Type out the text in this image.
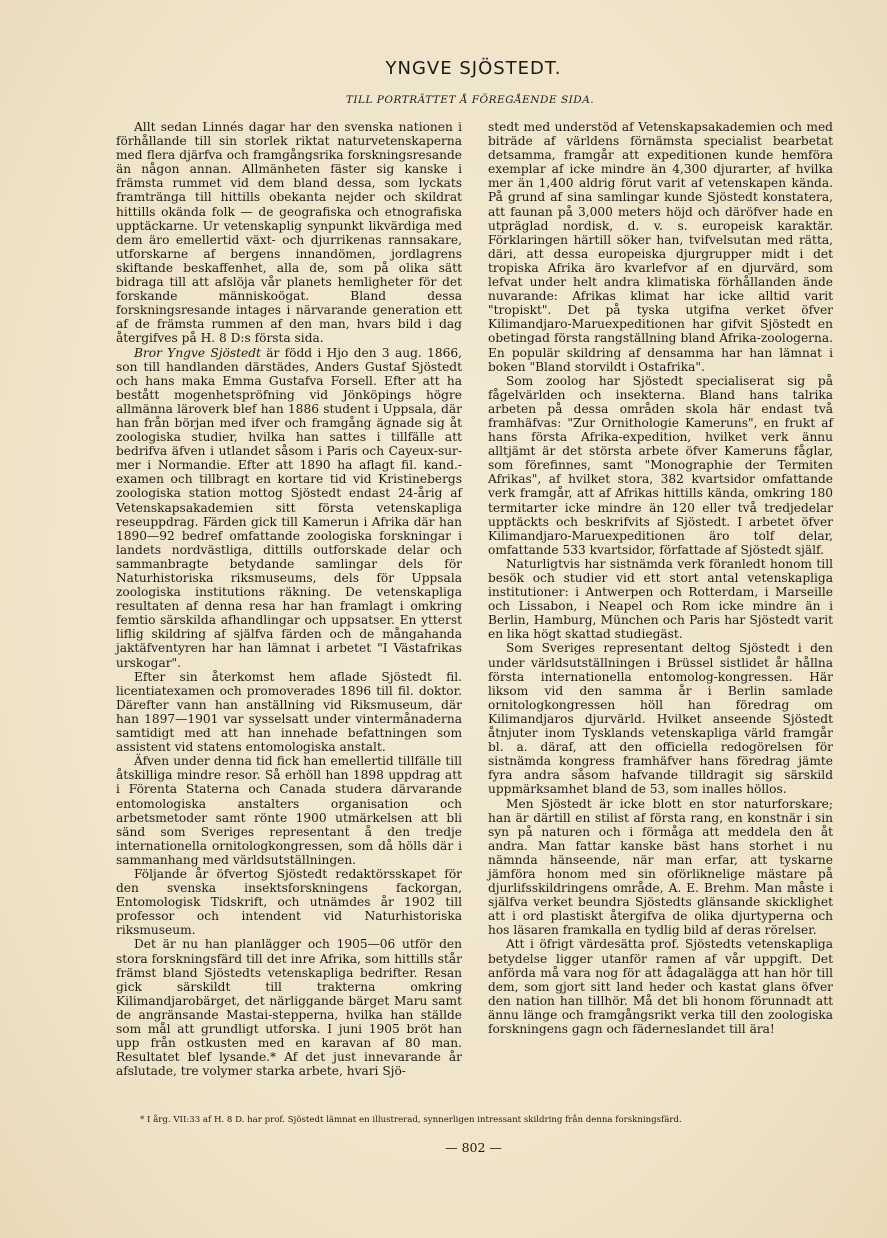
YNGVE SJÖSTEDT.
TILL PORTRÄTTET Å FÖREGÅENDE SIDA.

Allt sedan Linnés dagar har den svenska nationen i förhållande till sin storlek riktat naturvetenskaperna med flera djärfva och framgångsrika forskningsresande än någon annan. Allmänheten fäster sig kanske i främsta rummet vid dem bland dessa, som lyckats framtränga till hittills obekanta nejder och skildrat hittills okända folk — de geografiska och etnografiska upptäckarne. Ur vetenskaplig synpunkt likvärdiga med dem äro emellertid växt- och djurrikenas rannsakare, utforskarne af bergens innandömen, jordlagrens skiftande beskaffenhet, alla de, som på olika sätt bidraga till att afslöja vår planets hemligheter för det forskande människoögat. Bland dessa forskningsresande intages i närvarande generation ett af de främsta rummen af den man, hvars bild i dag återgifves på H. 8 D:s första sida.

Bror Yngve Sjöstedt är född i Hjo den 3 aug. 1866, son till handlanden därstädes, Anders Gustaf Sjöstedt och hans maka Emma Gustafva Forsell. Efter att ha bestått mogenhetspröfning vid Jönköpings högre allmänna läroverk blef han 1886 student i Uppsala, där han från början med ifver och framgång ägnade sig åt zoologiska studier, hvilka han sattes i tillfälle att bedrifva äfven i utlandet såsom i Paris och Cayeux-sur-mer i Normandie. Efter att 1890 ha aflagt fil. kand.-examen och tillbragt en kortare tid vid Kristinebergs zoologiska station mottog Sjöstedt endast 24-årig af Vetenskapsakademien sitt första vetenskapliga reseuppdrag. Färden gick till Kamerun i Afrika där han 1890—92 bedref omfattande zoologiska forskningar i landets nordvästliga, dittills outforskade delar och sammanbragte betydande samlingar dels för Naturhistoriska riksmuseums, dels för Uppsala zoologiska institutions räkning. De vetenskapliga resultaten af denna resa har han framlagt i omkring femtio särskilda afhandlingar och uppsatser. En ytterst liflig skildring af själfva färden och de mångahanda jaktäfventyren har han lämnat i arbetet "I Västafrikas urskogar".

Efter sin återkomst hem aflade Sjöstedt fil. licentiatexamen och promoverades 1896 till fil. doktor. Därefter vann han anställning vid Riksmuseum, där han 1897—1901 var sysselsatt under vintermånaderna samtidigt med att han innehade befattningen som assistent vid statens entomologiska anstalt.

Äfven under denna tid fick han emellertid tillfälle till åtskilliga mindre resor. Så erhöll han 1898 uppdrag att i Förenta Staterna och Canada studera därvarande entomologiska anstalters organisation och arbetsmetoder samt rönte 1900 utmärkelsen att bli sänd som Sveriges representant å den tredje internationella ornitologkongressen, som då hölls där i sammanhang med världsutställningen.

Följande år öfvertog Sjöstedt redaktörsskapet för den svenska insektsforskningens fackorgan, Entomologisk Tidskrift, och utnämdes år 1902 till professor och intendent vid Naturhistoriska riksmuseum.

Det är nu han planlägger och 1905—06 utför den stora forskningsfärd till det inre Afrika, som hittills står främst bland Sjöstedts vetenskapliga bedrifter. Resan gick särskildt till trakterna omkring Kilimandjarobärget, det närliggande bärget Maru samt de angränsande Mastai-stepperna, hvilka han ställde som mål att grundligt utforska. I juni 1905 bröt han upp från ostkusten med en karavan af 80 man. Resultatet blef lysande.* Af det just innevarande år afslutade, tre volymer starka arbete, hvari Sjö-

stedt med understöd af Vetenskapsakademien och med biträde af världens förnämsta specialist bearbetat detsamma, framgår att expeditionen kunde hemföra exemplar af icke mindre än 4,300 djurarter, af hvilka mer än 1,400 aldrig förut varit af vetenskapen kända. På grund af sina samlingar kunde Sjöstedt konstatera, att faunan på 3,000 meters höjd och däröfver hade en utpräglad nordisk, d. v. s. europeisk karaktär. Förklaringen härtill söker han, tvifvelsutan med rätta, däri, att dessa europeiska djurgrupper midt i det tropiska Afrika äro kvarlefvor af en djurvärd, som lefvat under helt andra klimatiska förhållanden ände nuvarande: Afrikas klimat har icke alltid varit "tropiskt". Det på tyska utgifna verket öfver Kilimandjaro-Maruexpeditionen har gifvit Sjöstedt en obetingad första rangställning bland Afrika-zoologerna. En populär skildring af densamma har han lämnat i boken "Bland storvildt i Ostafrika".

Som zoolog har Sjöstedt specialiserat sig på fågelvärlden och insekterna. Bland hans talrika arbeten på dessa områden skola här endast två framhäfvas: "Zur Ornithologie Kameruns", en frukt af hans första Afrika-expedition, hvilket verk ännu alltjämt är det största arbete öfver Kameruns fåglar, som förefinnes, samt "Monographie der Termiten Afrikas", af hvilket stora, 382 kvartsidor omfattande verk framgår, att af Afrikas hittills kända, omkring 180 termitarter icke mindre än 120 eller två tredjedelar upptäckts och beskrifvits af Sjöstedt. I arbetet öfver Kilimandjaro-Maruexpeditionen äro tolf delar, omfattande 533 kvartsidor, författade af Sjöstedt själf.

Naturligtvis har sistnämda verk föranledt honom till besök och studier vid ett stort antal vetenskapliga institutioner: i Antwerpen och Rotterdam, i Marseille och Lissabon, i Neapel och Rom icke mindre än i Berlin, Hamburg, München och Paris har Sjöstedt varit en lika högt skattad studiegäst.

Som Sveriges representant deltog Sjöstedt i den under världsutställningen i Brüssel sistlidet år hållna första internationella entomolog-kongressen. Här liksom vid den samma år i Berlin samlade ornitologkongressen höll han föredrag om Kilimandjaros djurvärld. Hvilket anseende Sjöstedt åtnjuter inom Tysklands vetenskapliga värld framgår bl. a. däraf, att den officiella redogörelsen för sistnämda kongress framhäfver hans föredrag jämte fyra andra såsom hafvande tilldragit sig särskild uppmärksamhet bland de 53, som inalles höllos.

Men Sjöstedt är icke blott en stor naturforskare; han är därtill en stilist af första rang, en konstnär i sin syn på naturen och i förmåga att meddela den åt andra. Man fattar kanske bäst hans storhet i nu nämnda hänseende, när man erfar, att tyskarne jämföra honom med sin oförliknelige mästare på djurlifsskildringens område, A. E. Brehm. Man måste i själfva verket beundra Sjöstedts glänsande skicklighet att i ord plastiskt återgifva de olika djurtyperna och hos läsaren framkalla en tydlig bild af deras rörelser.

Att i öfrigt värdesätta prof. Sjöstedts vetenskapliga betydelse ligger utanför ramen af vår uppgift. Det anförda må vara nog för att ådagalägga att han hör till dem, som gjort sitt land heder och kastat glans öfver den nation han tillhör. Må det bli honom förunnadt att ännu länge och framgångsrikt verka till den zoologiska forskningens gagn och fäderneslandet till ära!

* I årg. VII:33 af H. 8 D. har prof. Sjöstedt lämnat en illustrerad, synnerligen intressant skildring från denna forskningsfärd.
— 802 —
